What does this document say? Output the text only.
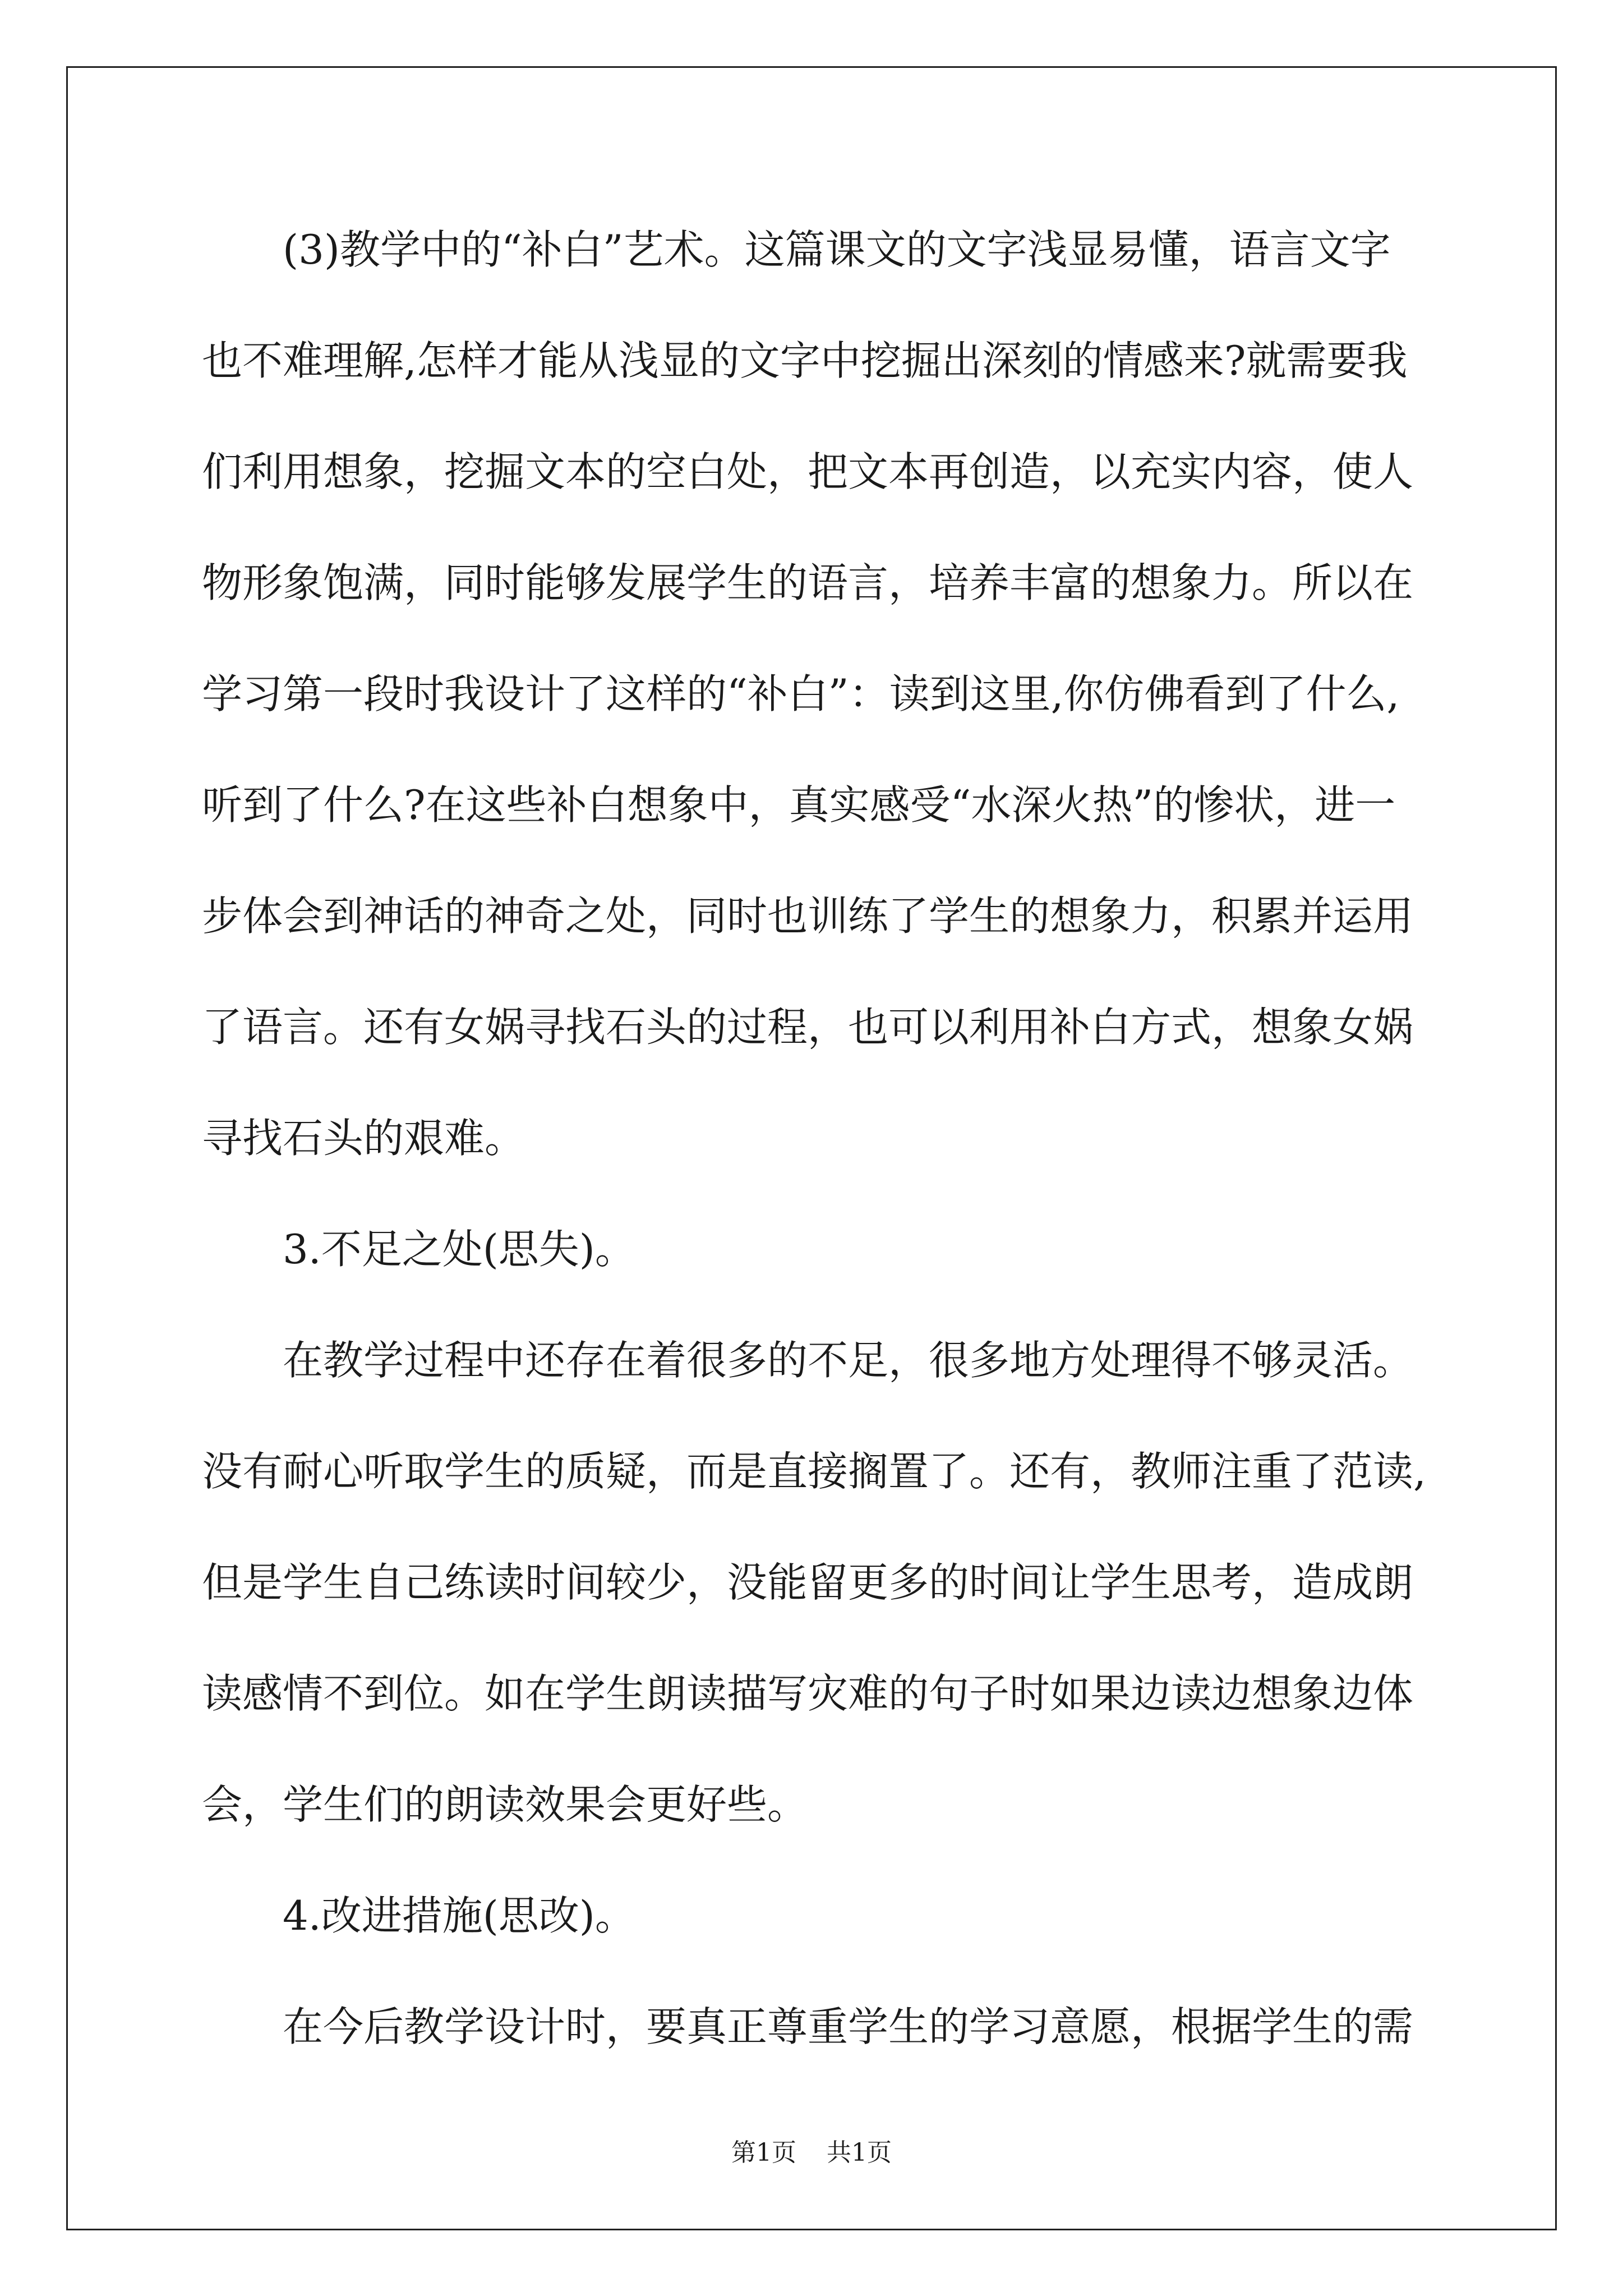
(3)教学中的“补白”艺术。这篇课文的文字浅显易懂，语言文字
也不难理解,怎样才能从浅显的文字中挖掘出深刻的情感来?就需要我
们利用想象，挖掘文本的空白处，把文本再创造，以充实内容，使人
物形象饱满，同时能够发展学生的语言，培养丰富的想象力。所以在
学习第一段时我设计了这样的“补白”：读到这里,你仿佛看到了什么,
听到了什么?在这些补白想象中，真实感受“水深火热”的惨状，进一
步体会到神话的神奇之处，同时也训练了学生的想象力，积累并运用
了语言。还有女娲寻找石头的过程，也可以利用补白方式，想象女娲
寻找石头的艰难。
3.不足之处(思失)。
在教学过程中还存在着很多的不足，很多地方处理得不够灵活。
没有耐心听取学生的质疑，而是直接搁置了。还有，教师注重了范读,
但是学生自己练读时间较少，没能留更多的时间让学生思考，造成朗
读感情不到位。如在学生朗读描写灾难的句子时如果边读边想象边体
会，学生们的朗读效果会更好些。
4.改进措施(思改)。
在今后教学设计时，要真正尊重学生的学习意愿，根据学生的需
第1页 共1页
